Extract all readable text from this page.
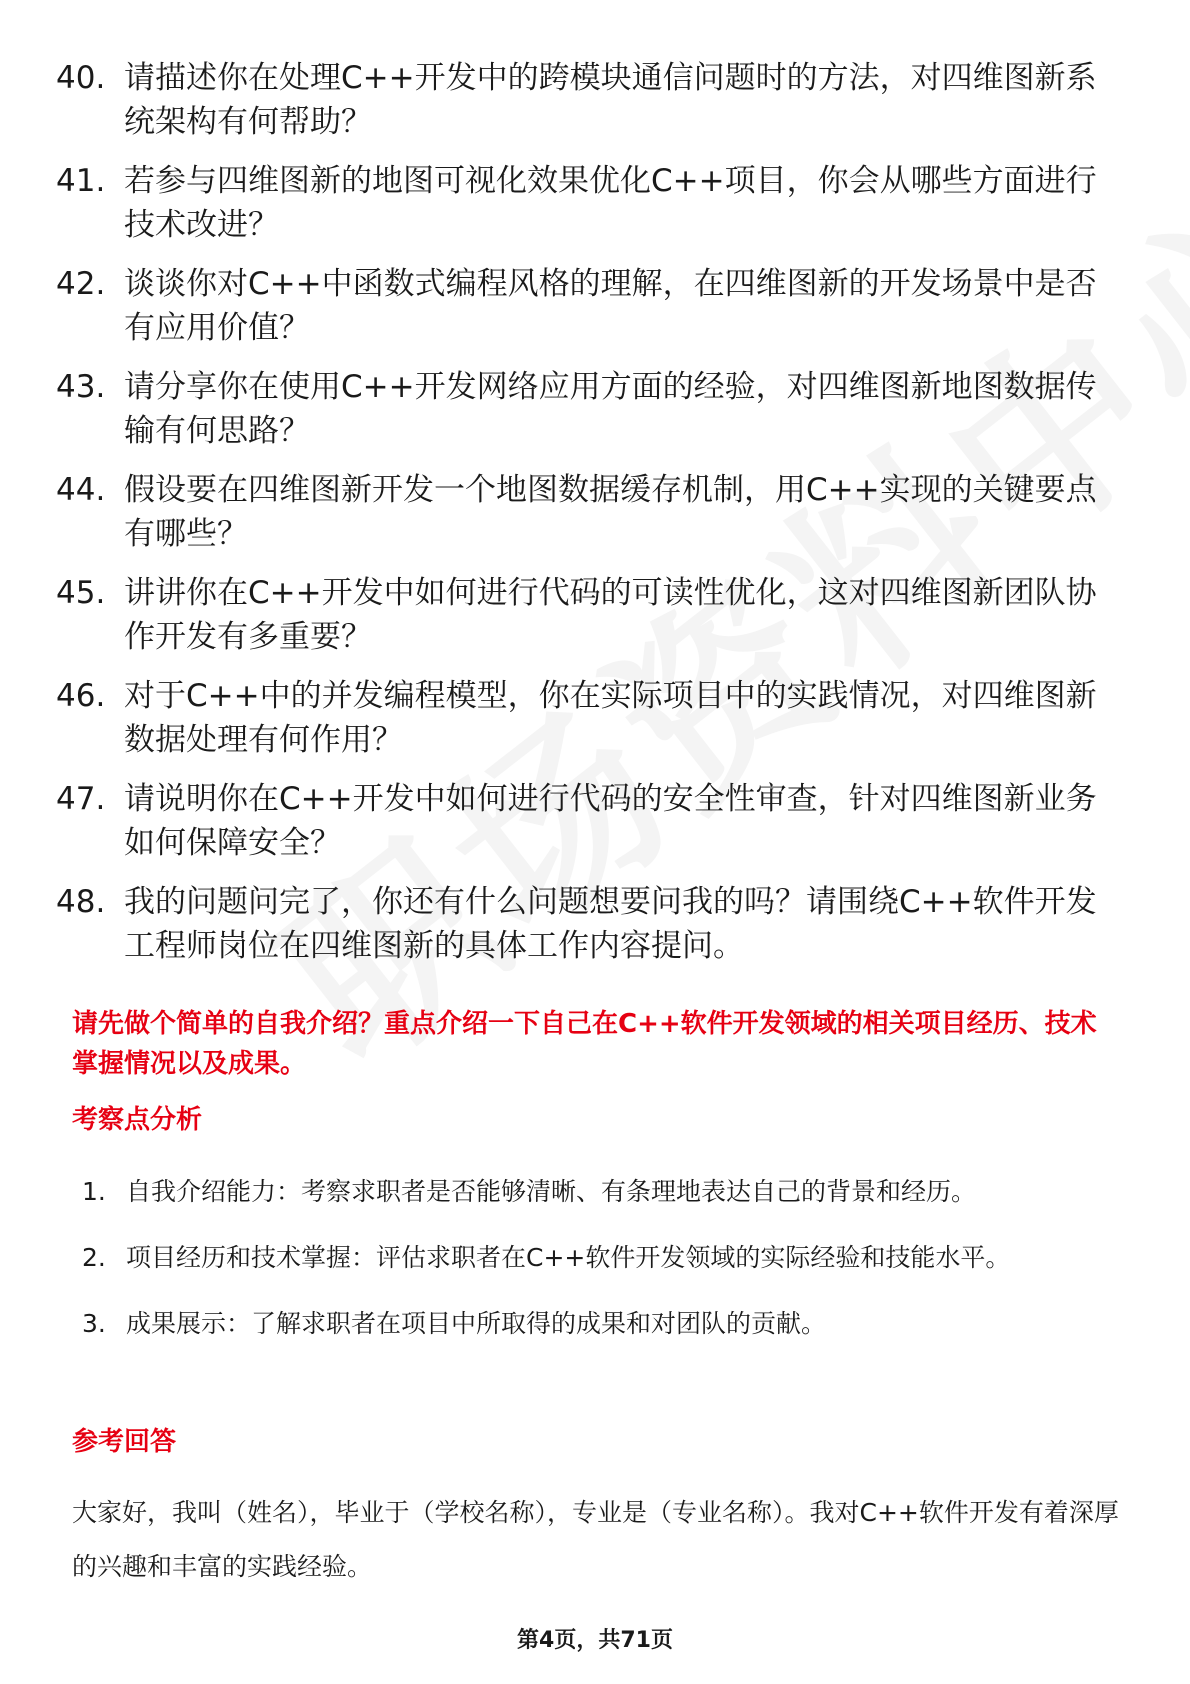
40. 请描述你在处理C++开发中的跨模块通信问题时的方法，对四维图新系统架构有何帮助？
41. 若参与四维图新的地图可视化效果优化C++项目，你会从哪些方面进行技术改进？
42. 谈谈你对C++中函数式编程风格的理解，在四维图新的开发场景中是否有应用价值？
43. 请分享你在使用C++开发网络应用方面的经验，对四维图新地图数据传输有何思路？
44. 假设要在四维图新开发一个地图数据缓存机制，用C++实现的关键要点有哪些？
45. 讲讲你在C++开发中如何进行代码的可读性优化，这对四维图新团队协作开发有多重要？
46. 对于C++中的并发编程模型，你在实际项目中的实践情况，对四维图新数据处理有何作用？
47. 请说明你在C++开发中如何进行代码的安全性审查，针对四维图新业务如何保障安全？
48. 我的问题问完了，你还有什么问题想要问我的吗？请围绕C++软件开发工程师岗位在四维图新的具体工作内容提问。

请先做个简单的自我介绍？重点介绍一下自己在C++软件开发领域的相关项目经历、技术掌握情况以及成果。

考察点分析

1. 自我介绍能力：考察求职者是否能够清晰、有条理地表达自己的背景和经历。
2. 项目经历和技术掌握：评估求职者在C++软件开发领域的实际经验和技能水平。
3. 成果展示：了解求职者在项目中所取得的成果和对团队的贡献。

参考回答

大家好，我叫（姓名），毕业于（学校名称），专业是（专业名称）。我对C++软件开发有着深厚的兴趣和丰富的实践经验。

第4页，共71页
